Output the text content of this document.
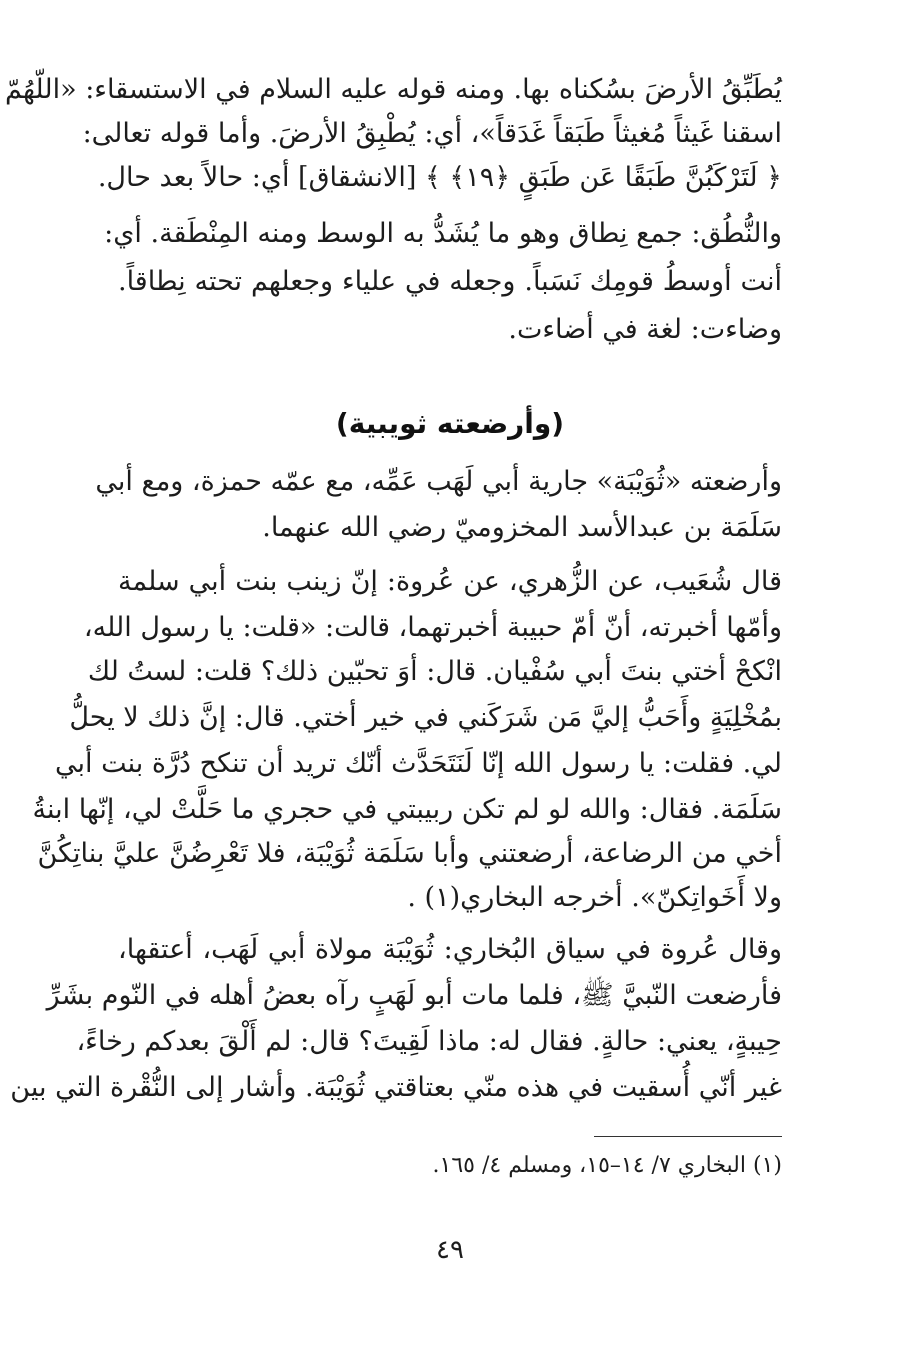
يُطَبِّقُ الأرضَ بسُكناه بها. ومنه قوله عليه السلام في الاستسقاء: «اللّهُمّ
اسقنا غَيثاً مُغيثاً طَبَقاً غَدَقاً»، أي: يُطْبِقُ الأرضَ. وأما قوله تعالى:
﴿ لَتَرْكَبُنَّ طَبَقًا عَن طَبَقٍ ﴿١٩﴾ ﴾ [الانشقاق] أي: حالاً بعد حال.
والنُّطُق: جمع نِطاق وهو ما يُشَدُّ به الوسط ومنه المِنْطَقة. أي:
أنت أوسطُ قومِك نَسَباً. وجعله في علياء وجعلهم تحته نِطاقاً.
وضاءت: لغة في أضاءت.
(وأرضعته ثويبية)
وأرضعته «ثُوَيْبَة» جارية أبي لَهَب عَمِّه، مع عمّه حمزة، ومع أبي
سَلَمَة بن عبدالأسد المخزوميّ رضي الله عنهما.
قال شُعَيب، عن الزُّهري، عن عُروة: إنّ زينب بنت أبي سلمة
وأمّها أخبرته، أنّ أمّ حبيبة أخبرتهما، قالت: «قلت: يا رسول الله،
انْكحْ أختي بنتَ أبي سُفْيان. قال: أوَ تحبّين ذلك؟ قلت: لستُ لك
بمُخْلِيَةٍ وأَحَبُّ إليَّ مَن شَرَكَني في خير أختي. قال: إنَّ ذلك لا يحلُّ
لي. فقلت: يا رسول الله إنّا لَنَتَحَدَّث أنّك تريد أن تنكح دُرَّة بنت أبي
سَلَمَة. فقال: والله لو لم تكن ربيبتي في حجري ما حَلَّتْ لي، إنّها ابنةُ
أخي من الرضاعة، أرضعتني وأبا سَلَمَة ثُوَيْبَة، فلا تَعْرِضُنَّ عليَّ بناتِكُنَّ
ولا أَخَواتِكنّ». أخرجه البخاري(١) .
وقال عُروة في سياق البُخاري: ثُوَيْبَة مولاة أبي لَهَب، أعتقها،
فأرضعت النّبيَّ ﷺ، فلما مات أبو لَهَبٍ رآه بعضُ أهله في النّوم بشَرِّ
حِيبةٍ، يعني: حالةٍ. فقال له: ماذا لَقِيتَ؟ قال: لم أَلْقَ بعدكم رخاءً،
غير أنّي أُسقيت في هذه منّي بعتاقتي ثُوَيْبَة. وأشار إلى النُّقْرة التي بين
(١) البخاري ٧/ ١٤–١٥، ومسلم ٤/ ١٦٥.
٤٩
